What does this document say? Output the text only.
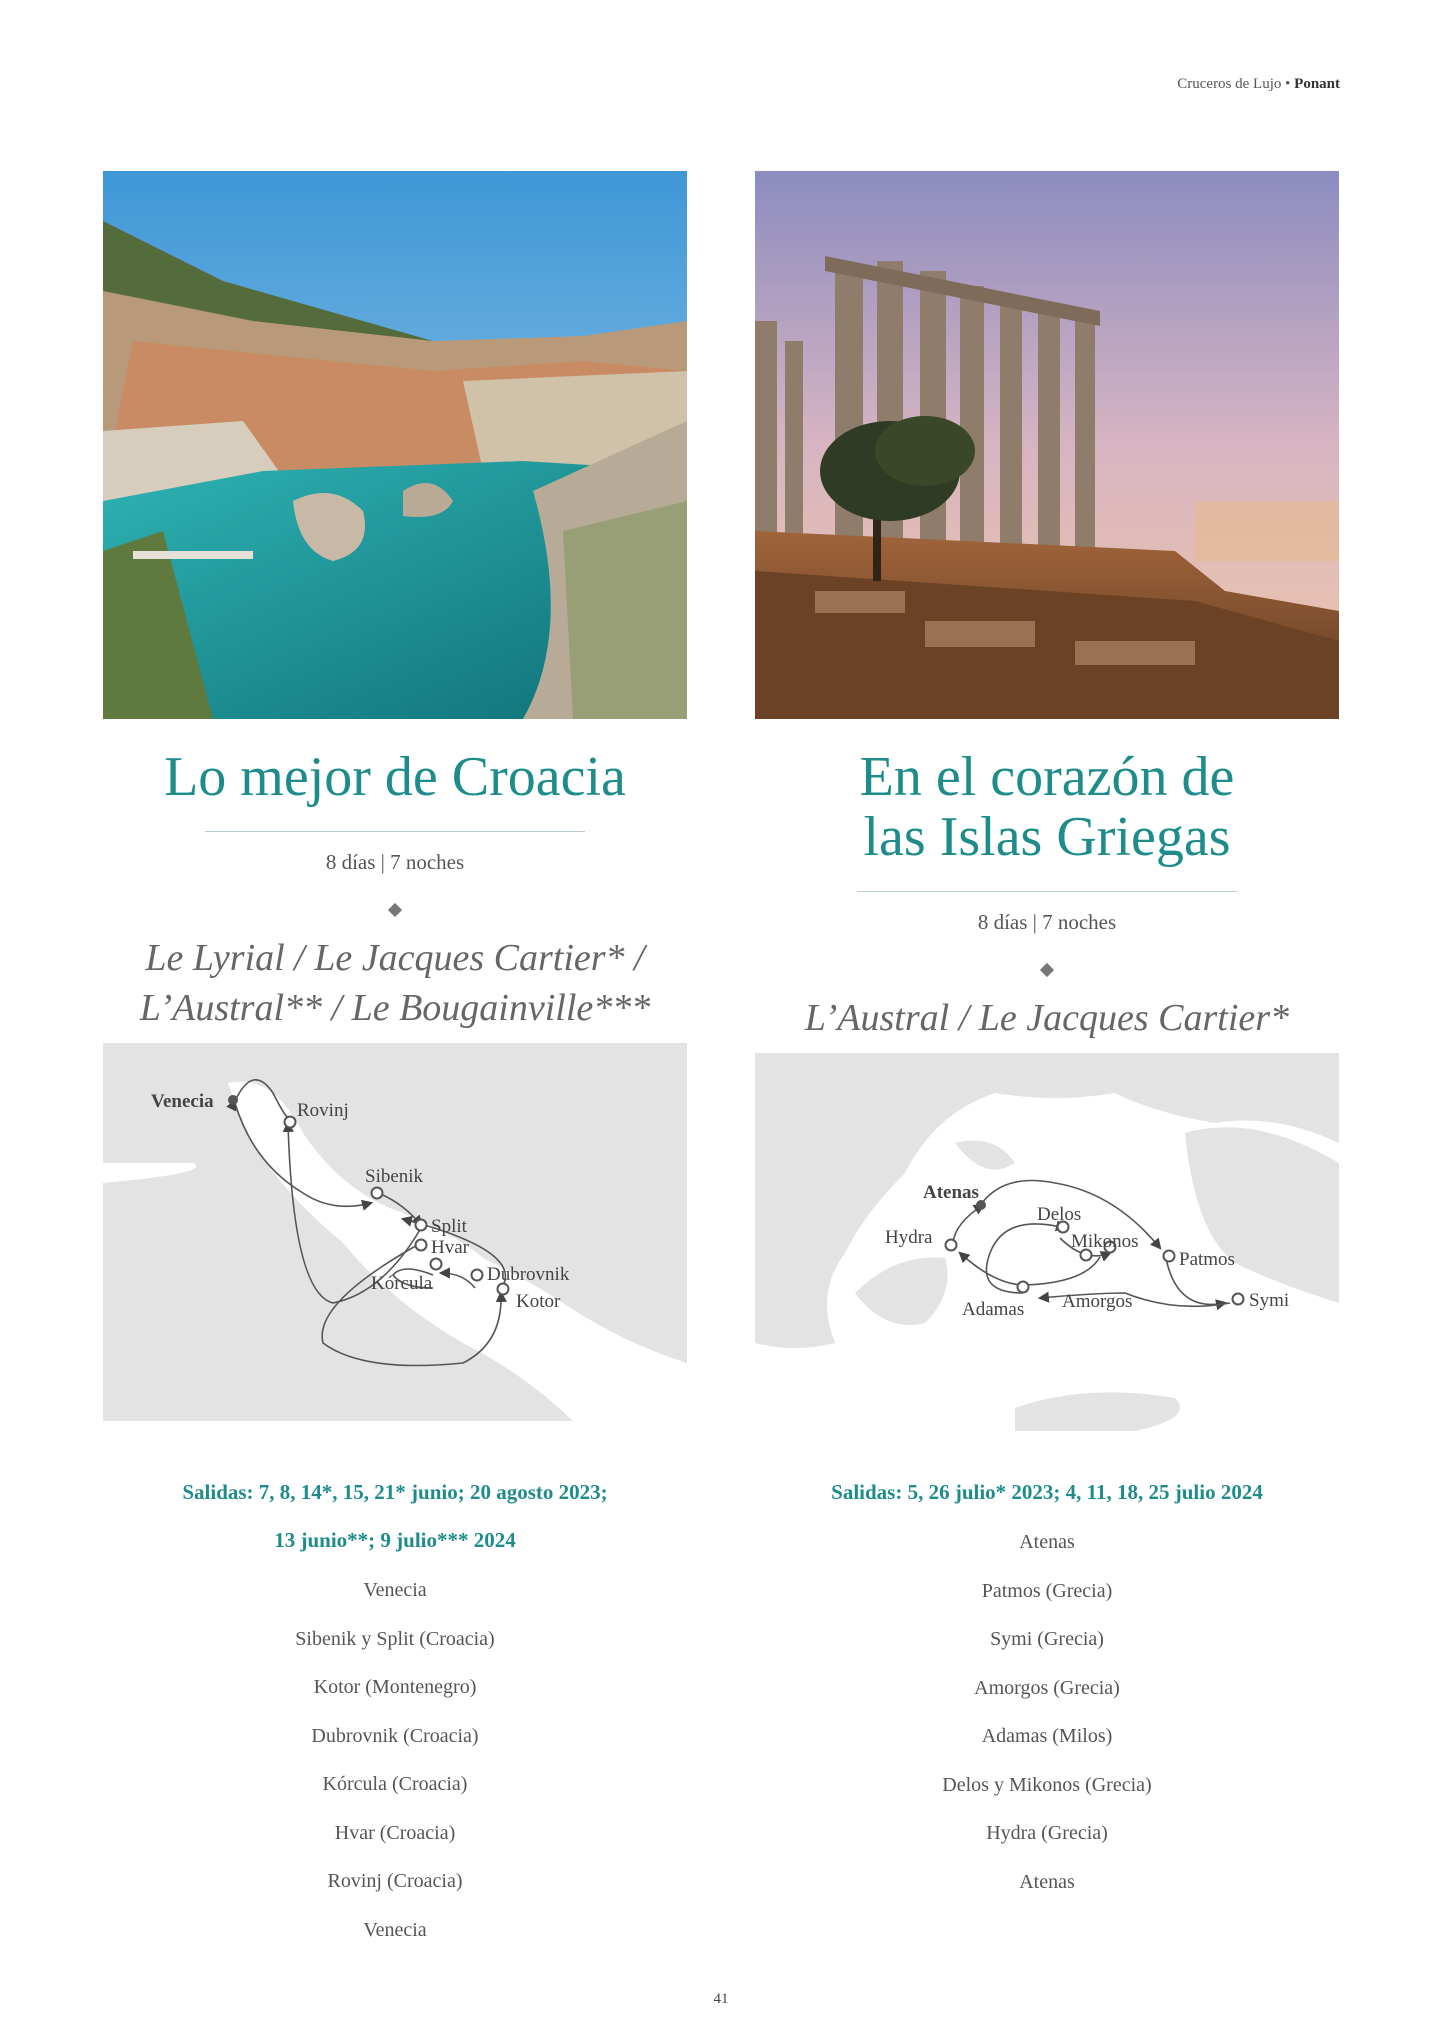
Cruceros de Lujo • Ponant
Lo mejor de Croacia
8 días | 7 noches
Le Lyrial / Le Jacques Cartier* /
L’Austral** / Le Bougainville***
Venecia	Rovinj
Sibenik
Split
Hvar
Dubrovnik
Kórcula
Kotor
Salidas: 7, 8, 14*, 15, 21* junio; 20 agosto 2023;
13 junio**; 9 julio*** 2024
Venecia
Sibenik y Split (Croacia)
Kotor (Montenegro)
Dubrovnik (Croacia)
Kórcula (Croacia)
Hvar (Croacia)
Rovinj (Croacia)
Venecia
En el corazón de
las Islas Griegas
8 días | 7 noches
L’Austral / Le Jacques Cartier*
Atenas
Delos
Hydra	Mikonos
Patmos
Adamas Amorgos	Symi
Salidas: 5, 26 julio* 2023; 4, 11, 18, 25 julio 2024
Atenas
Patmos (Grecia)
Symi (Grecia)
Amorgos (Grecia)
Adamas (Milos)
Delos y Mikonos (Grecia)
Hydra (Grecia)
Atenas
41
